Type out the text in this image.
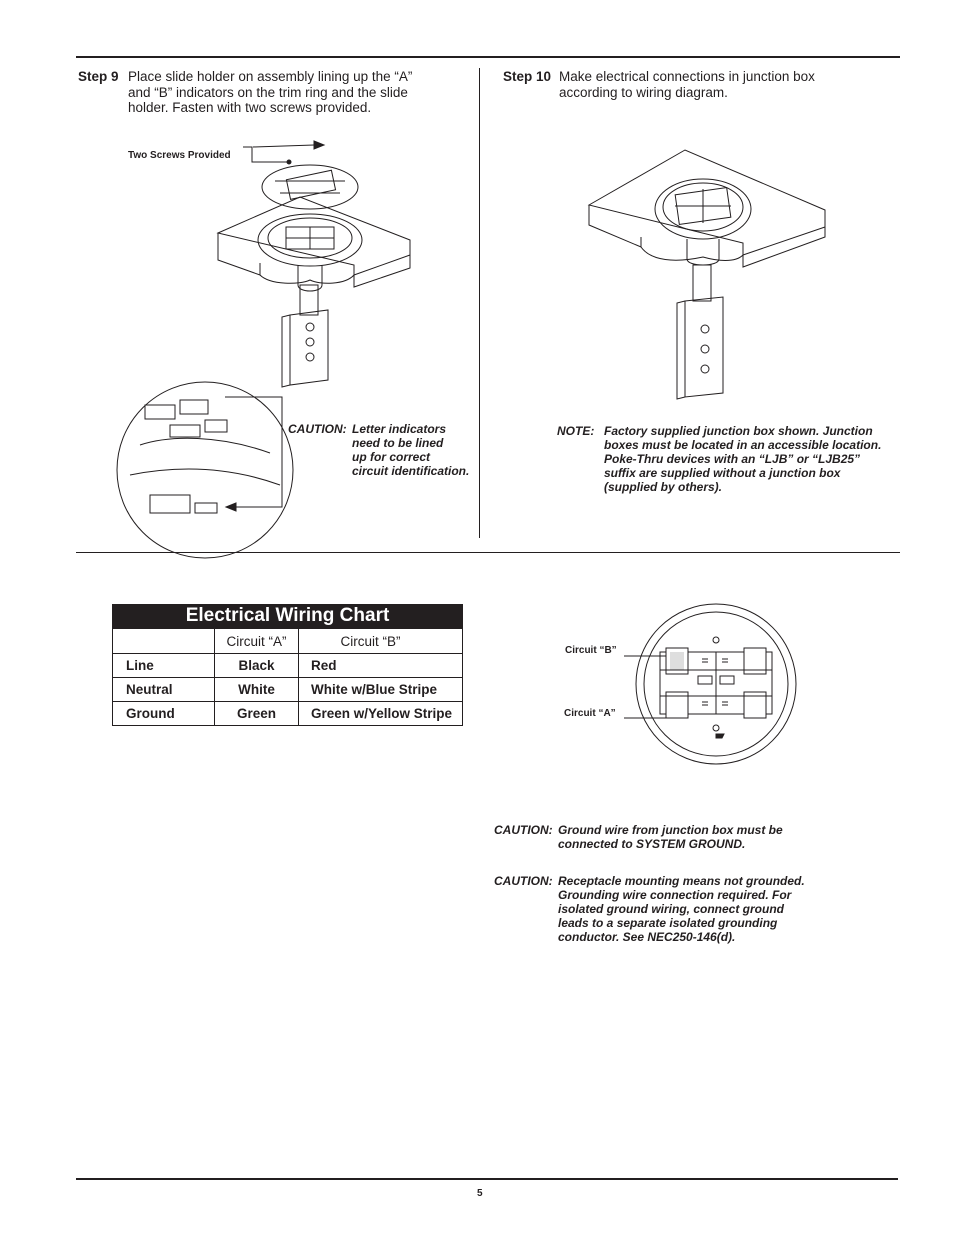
Step 9 Place slide holder on assembly lining up the “A”
and “B” indicators on the trim ring and the slide
holder. Fasten with two screws provided.
Two Screws Provided
CAUTION: Letter indicators
need to be lined
up for correct
circuit identification.
Step 10 Make electrical connections in junction box
according to wiring diagram.
NOTE: Factory supplied junction box shown. Junction
boxes must be located in an accessible location.
Poke-Thru devices with an “LJB” or “LJB25”
suffix are supplied without a junction box
(supplied by others).
Electrical Wiring Chart
	Circuit “A”	Circuit “B”
Line	Black	Red
Neutral	White	White w/Blue Stripe
Ground	Green	Green w/Yellow Stripe
Circuit “B”
Circuit “A”
CAUTION: Ground wire from junction box must be
connected to SYSTEM GROUND.
CAUTION: Receptacle mounting means not grounded.
Grounding wire connection required. For
isolated ground wiring, connect ground
leads to a separate isolated grounding
conductor. See NEC250-146(d).
5
